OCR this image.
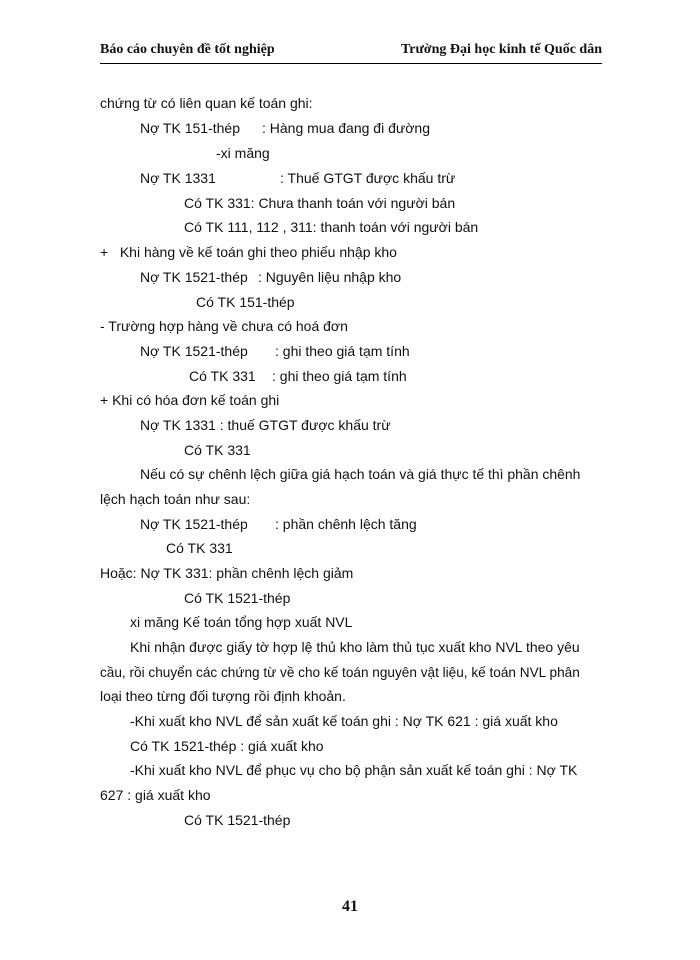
Báo cáo chuyên đề tốt nghiệp	Trường Đại học kinh tế Quốc dân
chứng từ có liên quan kế toán ghi:
Nợ TK 151-thép : Hàng mua đang đi đường
-xi măng
Nợ TK 1331	: Thuế GTGT được khấu trừ
Có TK 331: Chưa thanh toán với người bán
Có TK 111, 112 , 311: thanh toán với người bán
+   Khi hàng về kế toán ghi theo phiếu nhập kho
Nợ TK 1521-thép : Nguyên liệu nhập kho
Có TK 151-thép
- Trường hợp hàng về chưa có hoá đơn
Nợ TK 1521-thép : ghi theo giá tạm tính
Có TK 331 : ghi theo giá tạm tính
+ Khi có hóa đơn kế toán ghi
Nợ TK 1331 : thuế GTGT được khấu trừ
Có TK 331
Nếu có sự chênh lệch giữa giá hạch toán và giá thực tế thì phần chênh
lệch hạch toán như sau:
Nợ TK 1521-thép : phần chênh lệch tăng
Có TK 331
Hoặc: Nợ TK 331: phần chênh lệch giảm
Có TK 1521-thép
xi măng Kế toán tổng hợp xuất NVL
Khi nhận được giấy tờ hợp lệ thủ kho làm thủ tục xuất kho NVL theo yêu
cầu, rồi chuyển các chứng từ về cho kế toán nguyên vật liệu, kế toán NVL phân
loại theo từng đối tượng rồi định khoản.
-Khi xuất kho NVL để sản xuất kế toán ghi : Nợ TK 621 : giá xuất kho
Có TK 1521-thép : giá xuất kho
-Khi xuất kho NVL để phục vụ cho bộ phận sản xuất kế toán ghi : Nợ TK
627 : giá xuất kho
Có TK 1521-thép
41
